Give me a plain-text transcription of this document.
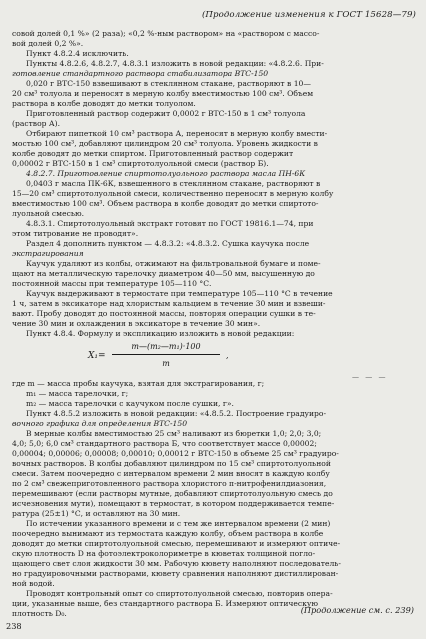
(Продолжение изменения к ГОСТ 15628—79)
совой долей 0,1 %» (2 раза); «0,2 %-ным раствором» на «раствором с массо-
вой долей 0,2 %».
Пункт 4.8.2.4 исключить.
Пункты 4.8.2.6, 4.8.2.7, 4.8.3.1 изложить в новой редакции: «4.8.2.6. При-
готовление стандартного раствора стабилизатора ВТС-150
0,020 г ВТС-150 взвешивают в стеклянном стакане, растворяют в 10—
20 см³ толуола и переносят в мерную колбу вместимостью 100 см³. Объем
раствора в колбе доводят до метки толуолом.
Приготовленный раствор содержит 0,0002 г ВТС-150 в 1 см³ толуола
(раствор А).
Отбирают пипеткой 10 см³ раствора А, переносят в мерную колбу вмести-
мостью 100 см³, добавляют цилиндром 20 см³ толуола. Уровень жидкости в
колбе доводят до метки спиртом. Приготовленный раствор содержит
0,00002 г ВТС-150 в 1 см³ спиртотолуольной смеси (раствор Б).
4.8.2.7. Приготовление спиртотолуольного раствора масла ПН-6К
0,0403 г масла ПК-6К, взвешенного в стеклянном стакане, растворяют в
15—20 см³ спиртотолуольной смеси, количественно переносят в мерную колбу
вместимостью 100 см³. Объем раствора в колбе доводят до метки спиртото-
луольной смесью.
4.8.3.1. Спиртотолуольный экстракт готовят по ГОСТ 19816.1—74, при
этом титрование не проводят».
Раздел 4 дополнить пунктом — 4.8.3.2: «4.8.3.2. Сушка каучука после
экстрагирования
Каучук удаляют из колбы, отжимают на фильтровальной бумаге и поме-
щают на металлическую тарелочку диаметром 40—50 мм, высушенную до
постоянной массы при температуре 105—110 °С.
Каучук выдерживают в термостате при температуре 105—110 °С в течение
1 ч, затем в эксикаторе над хлористым кальцием в течение 30 мин и взвеши-
вают. Пробу доводят до постоянной массы, повторяя операции сушки в те-
чение 30 мин и охлаждения в эксикаторе в течение 30 мин».
Пункт 4.8.4. Формулу и экспликацию изложить в новой редакции:
X₁=
m—(m₂—m₁)·100
m
,
— — —
где m — масса пробы каучука, взятая для экстрагирования, г;
m₁ — масса тарелочки, г;
m₂ — масса тарелочки с каучуком после сушки, г».
Пункт 4.8.5.2 изложить в новой редакции: «4.8.5.2. Построение градуиро-
вочного графика для определения ВТС-150
В мерные колбы вместимостью 25 см³ наливают из бюретки 1,0; 2,0; 3,0;
4,0; 5,0; 6,0 см³ стандартного раствора Б, что соответствует массе 0,00002;
0,00004; 0,00006; 0,00008; 0,00010; 0,00012 г ВТС-150 в объеме 25 см³ градуиро-
вочных растворов. В колбы добавляют цилиндром по 15 см³ спиртотолуольной
смеси. Затем поочередно с интервалом времени 2 мин вносят в каждую колбу
по 2 см³ свежеприготовленного раствора хлористого п-нитрофенилдиазония,
перемешивают (если растворы мутные, добавляют спиртотолуольную смесь до
исчезновения мути), помещают в термостат, в котором поддерживается темпе-
ратура (25±1) °С, и оставляют на 30 мин.
По истечении указанного времени и с тем же интервалом времени (2 мин)
поочередно вынимают из термостата каждую колбу, объем раствора в колбе
доводят до метки спиртотолуольной смесью, перемешивают и измеряют оптиче-
скую плотность D на фотоэлектроколориметре в кюветах толщиной погло-
щающего свет слоя жидкости 30 мм. Рабочую кювету наполняют последователь-
но градуировочными растворами, кювету сравнения наполняют дистиллирован-
ной водой.
Проводят контрольный опыт со спиртотолуольной смесью, повторив опера-
ции, указанные выше, без стандартного раствора Б. Измеряют оптическую
плотность D₀.	(Продолжение см. с. 239)
238
